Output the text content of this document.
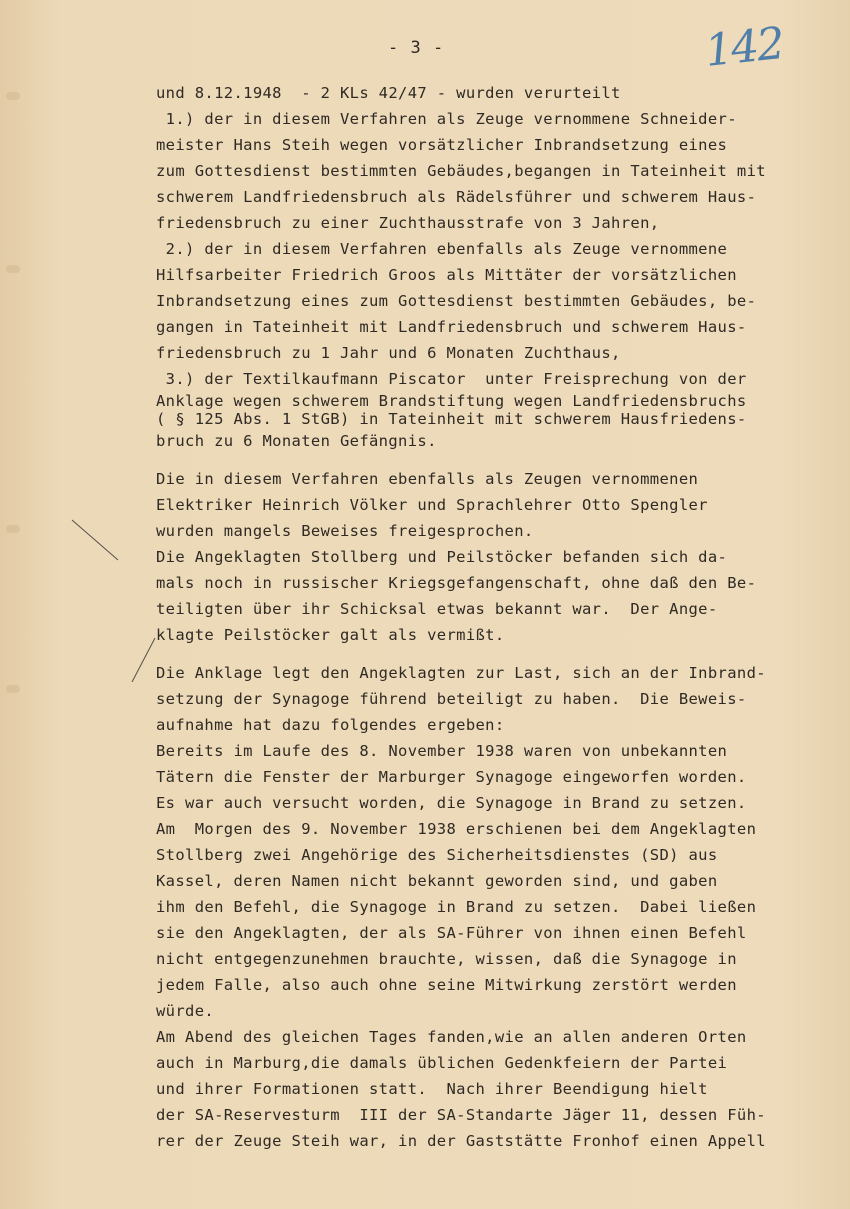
- 3 -	142
und 8.12.1948  - 2 KLs 42/47 - wurden verurteilt
1.) der in diesem Verfahren als Zeuge vernommene Schneider-
meister Hans Steih wegen vorsätzlicher Inbrandsetzung eines
zum Gottesdienst bestimmten Gebäudes,begangen in Tateinheit mit
schwerem Landfriedensbruch als Rädelsführer und schwerem Haus-
friedensbruch zu einer Zuchthausstrafe von 3 Jahren,
2.) der in diesem Verfahren ebenfalls als Zeuge vernommene
Hilfsarbeiter Friedrich Groos als Mittäter der vorsätzlichen
Inbrandsetzung eines zum Gottesdienst bestimmten Gebäudes, be-
gangen in Tateinheit mit Landfriedensbruch und schwerem Haus-
friedensbruch zu 1 Jahr und 6 Monaten Zuchthaus,
3.) der Textilkaufmann Piscator  unter Freisprechung von der
Anklage wegen schwerem Brandstiftung wegen Landfriedensbruchs
( § 125 Abs. 1 StGB) in Tateinheit mit schwerem Hausfriedens-
bruch zu 6 Monaten Gefängnis.
Die in diesem Verfahren ebenfalls als Zeugen vernommenen
Elektriker Heinrich Völker und Sprachlehrer Otto Spengler
wurden mangels Beweises freigesprochen.
Die Angeklagten Stollberg und Peilstöcker befanden sich da-
mals noch in russischer Kriegsgefangenschaft, ohne daß den Be-
teiligten über ihr Schicksal etwas bekannt war.  Der Ange-
klagte Peilstöcker galt als vermißt.
Die Anklage legt den Angeklagten zur Last, sich an der Inbrand-
setzung der Synagoge führend beteiligt zu haben.  Die Beweis-
aufnahme hat dazu folgendes ergeben:
Bereits im Laufe des 8. November 1938 waren von unbekannten
Tätern die Fenster der Marburger Synagoge eingeworfen worden.
Es war auch versucht worden, die Synagoge in Brand zu setzen.
Am  Morgen des 9. November 1938 erschienen bei dem Angeklagten
Stollberg zwei Angehörige des Sicherheitsdienstes (SD) aus
Kassel, deren Namen nicht bekannt geworden sind, und gaben
ihm den Befehl, die Synagoge in Brand zu setzen.  Dabei ließen
sie den Angeklagten, der als SA-Führer von ihnen einen Befehl
nicht entgegenzunehmen brauchte, wissen, daß die Synagoge in
jedem Falle, also auch ohne seine Mitwirkung zerstört werden
würde.
Am Abend des gleichen Tages fanden,wie an allen anderen Orten
auch in Marburg,die damals üblichen Gedenkfeiern der Partei
und ihrer Formationen statt.  Nach ihrer Beendigung hielt
der SA-Reservesturm  III der SA-Standarte Jäger 11, dessen Füh-
rer der Zeuge Steih war, in der Gaststätte Fronhof einen Appell
